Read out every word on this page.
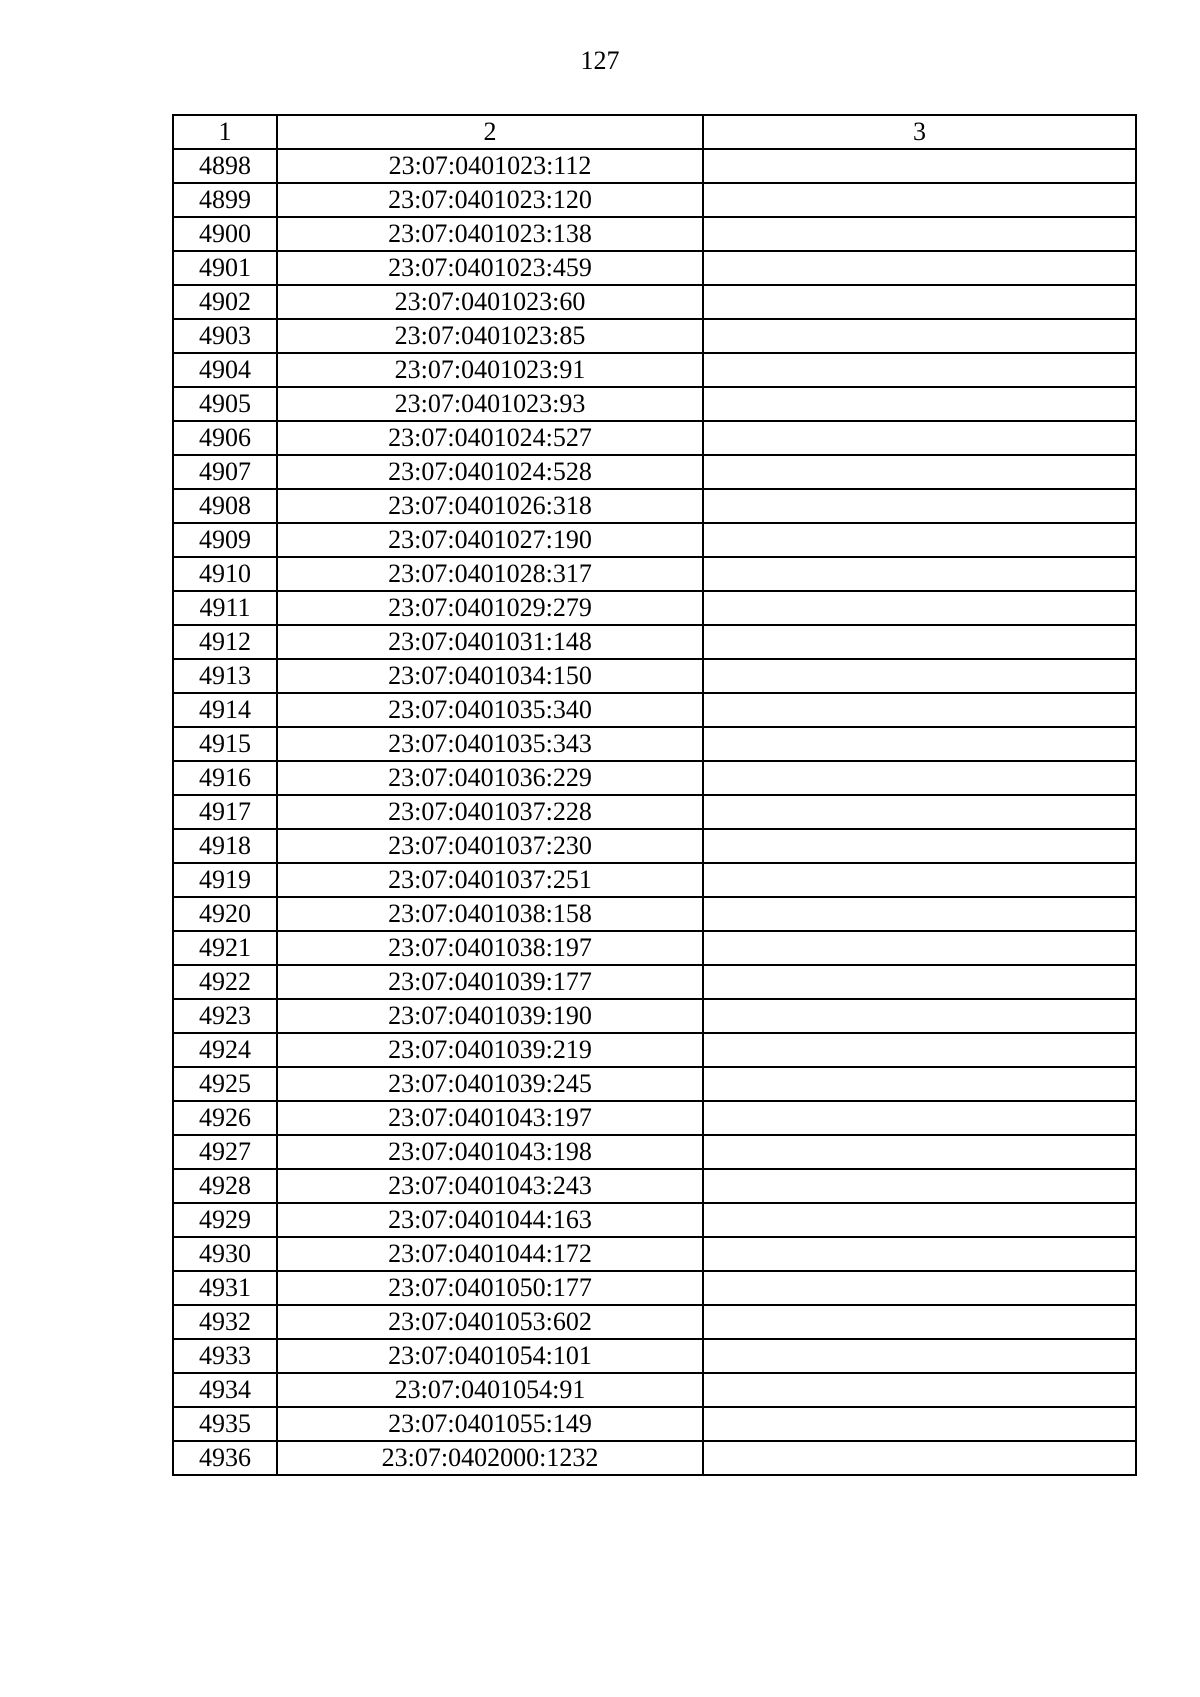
127
1	2	3
4898	23:07:0401023:112	
4899	23:07:0401023:120	
4900	23:07:0401023:138	
4901	23:07:0401023:459	
4902	23:07:0401023:60	
4903	23:07:0401023:85	
4904	23:07:0401023:91	
4905	23:07:0401023:93	
4906	23:07:0401024:527	
4907	23:07:0401024:528	
4908	23:07:0401026:318	
4909	23:07:0401027:190	
4910	23:07:0401028:317	
4911	23:07:0401029:279	
4912	23:07:0401031:148	
4913	23:07:0401034:150	
4914	23:07:0401035:340	
4915	23:07:0401035:343	
4916	23:07:0401036:229	
4917	23:07:0401037:228	
4918	23:07:0401037:230	
4919	23:07:0401037:251	
4920	23:07:0401038:158	
4921	23:07:0401038:197	
4922	23:07:0401039:177	
4923	23:07:0401039:190	
4924	23:07:0401039:219	
4925	23:07:0401039:245	
4926	23:07:0401043:197	
4927	23:07:0401043:198	
4928	23:07:0401043:243	
4929	23:07:0401044:163	
4930	23:07:0401044:172	
4931	23:07:0401050:177	
4932	23:07:0401053:602	
4933	23:07:0401054:101	
4934	23:07:0401054:91	
4935	23:07:0401055:149	
4936	23:07:0402000:1232	
